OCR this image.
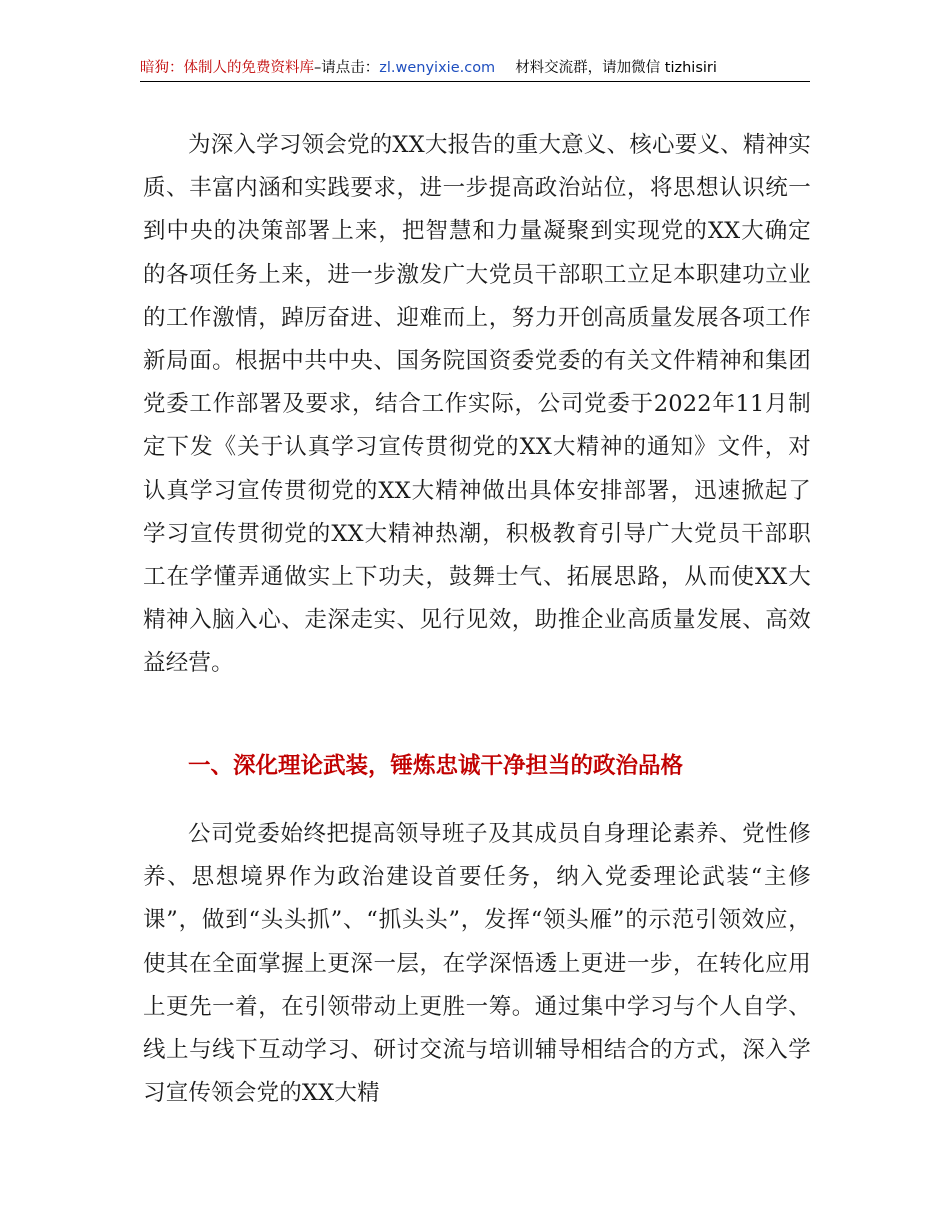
暗狗：体制人的免费资料库–请点击：zl.wenyixie.com 材料交流群，请加微信 tizhisiri

为深入学习领会党的XX大报告的重大意义、核心要义、精神实质、丰富内涵和实践要求，进一步提高政治站位，将思想认识统一到中央的决策部署上来，把智慧和力量凝聚到实现党的XX大确定的各项任务上来，进一步激发广大党员干部职工立足本职建功立业的工作激情，踔厉奋进、迎难而上，努力开创高质量发展各项工作新局面。根据中共中央、国务院国资委党委的有关文件精神和集团党委工作部署及要求，结合工作实际，公司党委于2022年11月制定下发《关于认真学习宣传贯彻党的XX大精神的通知》文件，对认真学习宣传贯彻党的XX大精神做出具体安排部署，迅速掀起了学习宣传贯彻党的XX大精神热潮，积极教育引导广大党员干部职工在学懂弄通做实上下功夫，鼓舞士气、拓展思路，从而使XX大精神入脑入心、走深走实、见行见效，助推企业高质量发展、高效益经营。

一、深化理论武装，锤炼忠诚干净担当的政治品格

公司党委始终把提高领导班子及其成员自身理论素养、党性修养、思想境界作为政治建设首要任务，纳入党委理论武装“主修课”，做到“头头抓”、“抓头头”，发挥“领头雁”的示范引领效应，使其在全面掌握上更深一层，在学深悟透上更进一步，在转化应用上更先一着，在引领带动上更胜一筹。通过集中学习与个人自学、线上与线下互动学习、研讨交流与培训辅导相结合的方式，深入学习宣传领会党的XX大精
